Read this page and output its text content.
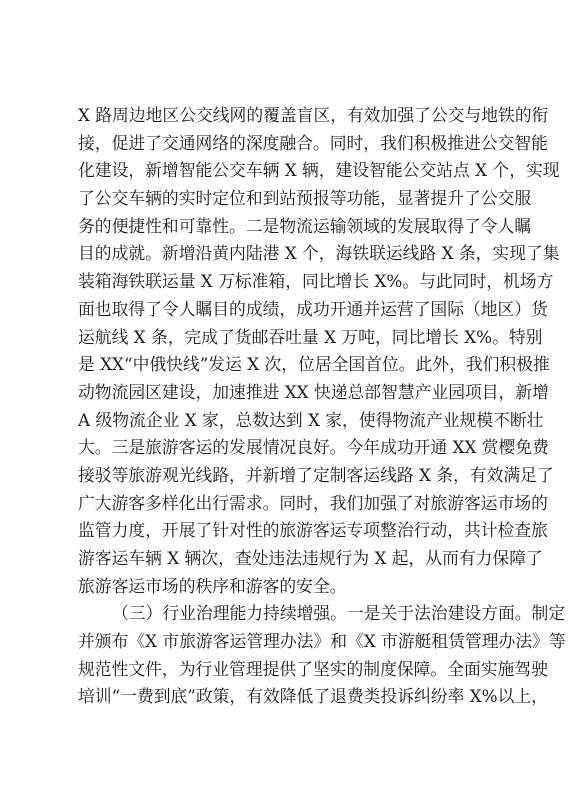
X 路周边地区公交线网的覆盖盲区，有效加强了公交与地铁的衔
接，促进了交通网络的深度融合。同时，我们积极推进公交智能
化建设，新增智能公交车辆 X 辆，建设智能公交站点 X 个，实现
了公交车辆的实时定位和到站预报等功能，显著提升了公交服
务的便捷性和可靠性。二是物流运输领域的发展取得了令人瞩
目的成就。新增沿黄内陆港 X 个，海铁联运线路 X 条，实现了集
装箱海铁联运量 X 万标准箱，同比增长 X%。与此同时，机场方
面也取得了令人瞩目的成绩，成功开通并运营了国际（地区）货
运航线 X 条，完成了货邮吞吐量 X 万吨，同比增长 X%。特别
是 XX“中俄快线”发运 X 次，位居全国首位。此外，我们积极推
动物流园区建设，加速推进 XX 快递总部智慧产业园项目，新增
A 级物流企业 X 家，总数达到 X 家，使得物流产业规模不断壮
大。三是旅游客运的发展情况良好。今年成功开通 XX 赏樱免费
接驳等旅游观光线路，并新增了定制客运线路 X 条，有效满足了
广大游客多样化出行需求。同时，我们加强了对旅游客运市场的
监管力度，开展了针对性的旅游客运专项整治行动，共计检查旅
游客运车辆 X 辆次，查处违法违规行为 X 起，从而有力保障了
旅游客运市场的秩序和游客的安全。
（三）行业治理能力持续增强。一是关于法治建设方面。制定
并颁布《X 市旅游客运管理办法》和《X 市游艇租赁管理办法》等
规范性文件，为行业管理提供了坚实的制度保障。全面实施驾驶
培训“一费到底”政策，有效降低了退费类投诉纠纷率 X%以上，
